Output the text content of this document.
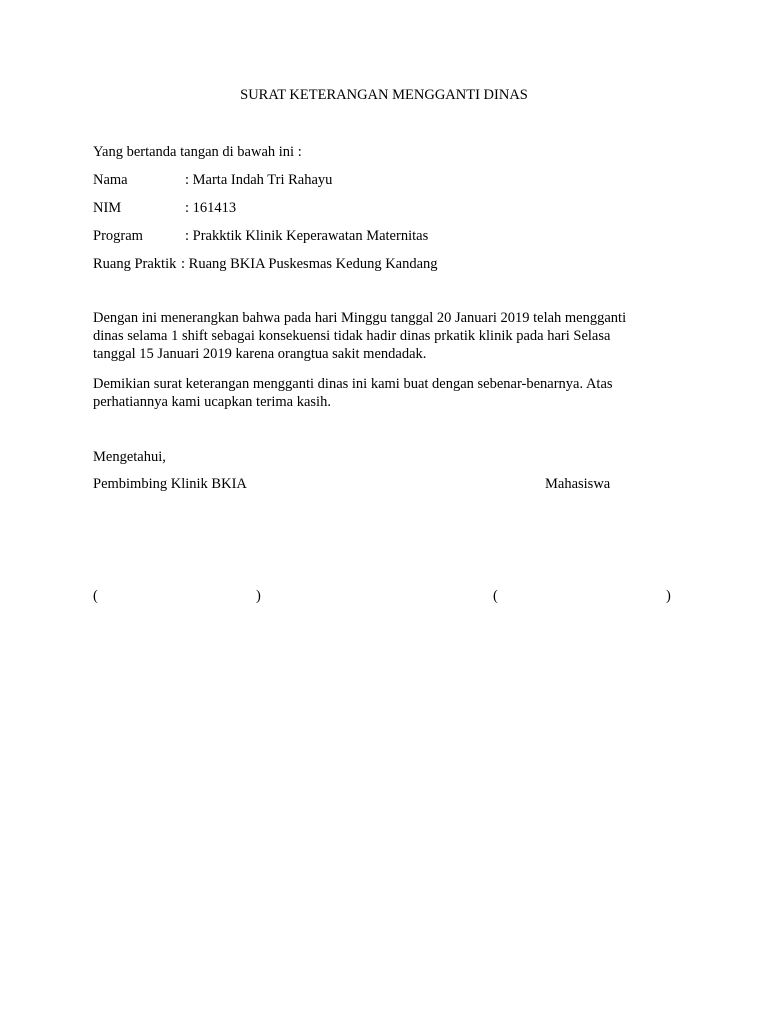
SURAT KETERANGAN MENGGANTI DINAS
Yang bertanda tangan di bawah ini :
Nama	: Marta Indah Tri Rahayu
NIM	: 161413
Program	: Prakktik Klinik Keperawatan Maternitas
Ruang Praktik : Ruang BKIA Puskesmas Kedung Kandang
Dengan ini menerangkan bahwa pada hari Minggu tanggal 20 Januari 2019 telah mengganti
dinas selama 1 shift sebagai konsekuensi tidak hadir dinas prkatik klinik pada hari Selasa
tanggal 15 Januari 2019 karena orangtua sakit mendadak.
Demikian surat keterangan mengganti dinas ini kami buat dengan sebenar-benarnya. Atas
perhatiannya kami ucapkan terima kasih.
Mengetahui,
Pembimbing Klinik BKIA	Mahasiswa
(	)	(	)
